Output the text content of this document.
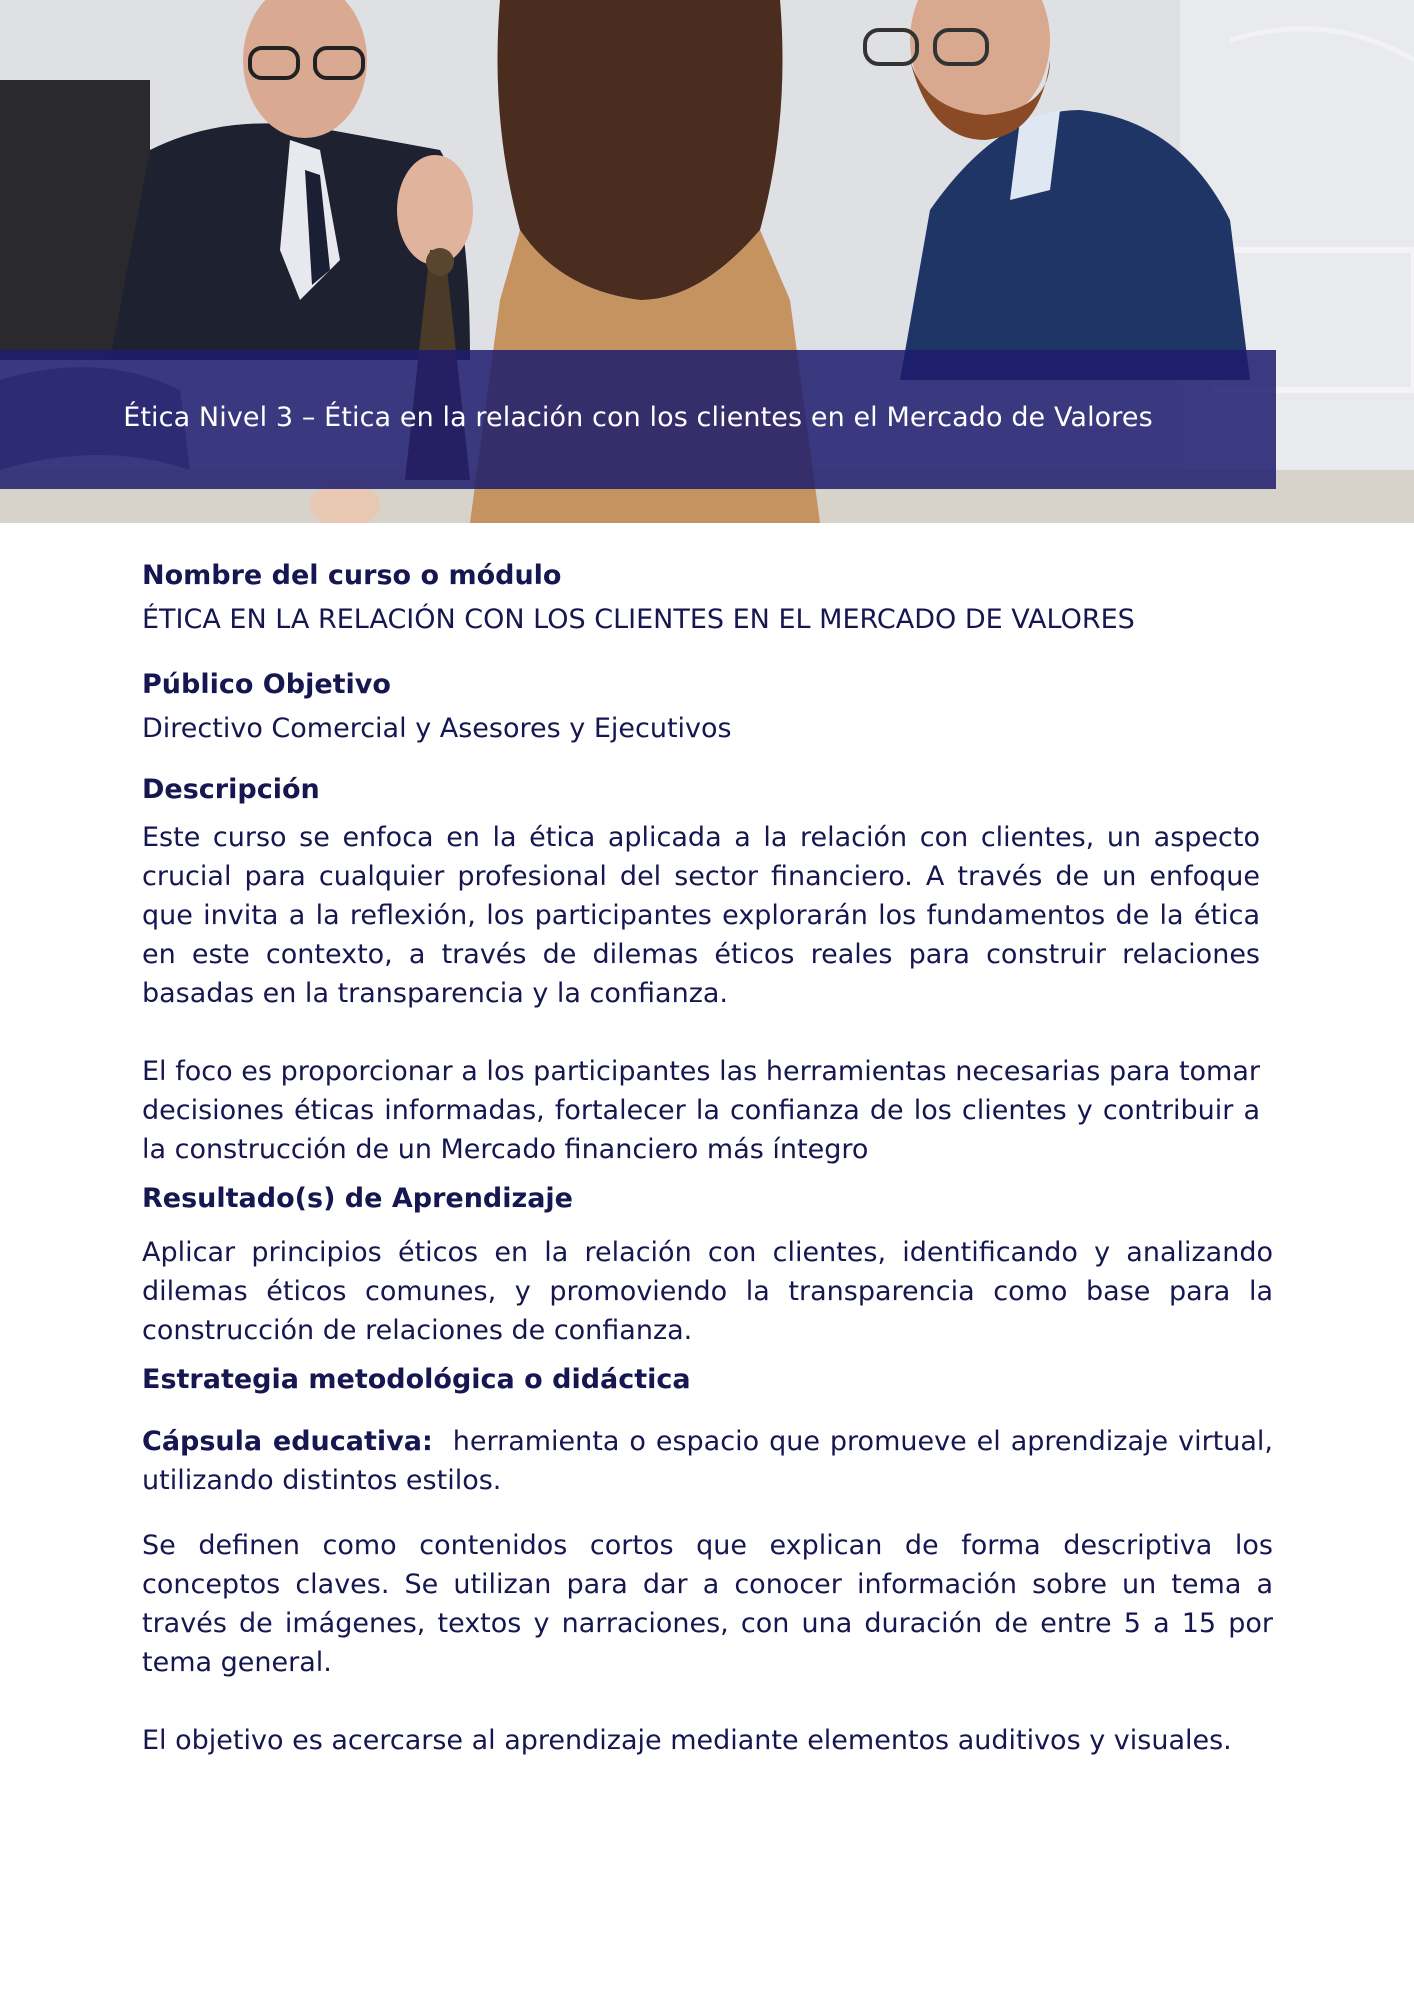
Ética Nivel 3 – Ética en la relación con los clientes en el Mercado de Valores

Nombre del curso o módulo

ÉTICA EN LA RELACIÓN CON LOS CLIENTES EN EL MERCADO DE VALORES

Público Objetivo

Directivo Comercial y Asesores y Ejecutivos

Descripción

Este curso se enfoca en la ética aplicada a la relación con clientes, un aspecto crucial para cualquier profesional del sector financiero. A través de un enfoque que invita a la reflexión, los participantes explorarán los fundamentos de la ética en este contexto, a través de dilemas éticos reales para construir relaciones basadas en la transparencia y la confianza.

El foco es proporcionar a los participantes las herramientas necesarias para tomar decisiones éticas informadas, fortalecer la confianza de los clientes y contribuir a la construcción de un Mercado financiero más íntegro

Resultado(s) de Aprendizaje

Aplicar principios éticos en la relación con clientes, identificando y analizando dilemas éticos comunes, y promoviendo la transparencia como base para la construcción de relaciones de confianza.

Estrategia metodológica o didáctica

Cápsula educativa: herramienta o espacio que promueve el aprendizaje virtual, utilizando distintos estilos.

Se definen como contenidos cortos que explican de forma descriptiva los conceptos claves. Se utilizan para dar a conocer información sobre un tema a través de imágenes, textos y narraciones, con una duración de entre 5 a 15 por tema general.

El objetivo es acercarse al aprendizaje mediante elementos auditivos y visuales.
